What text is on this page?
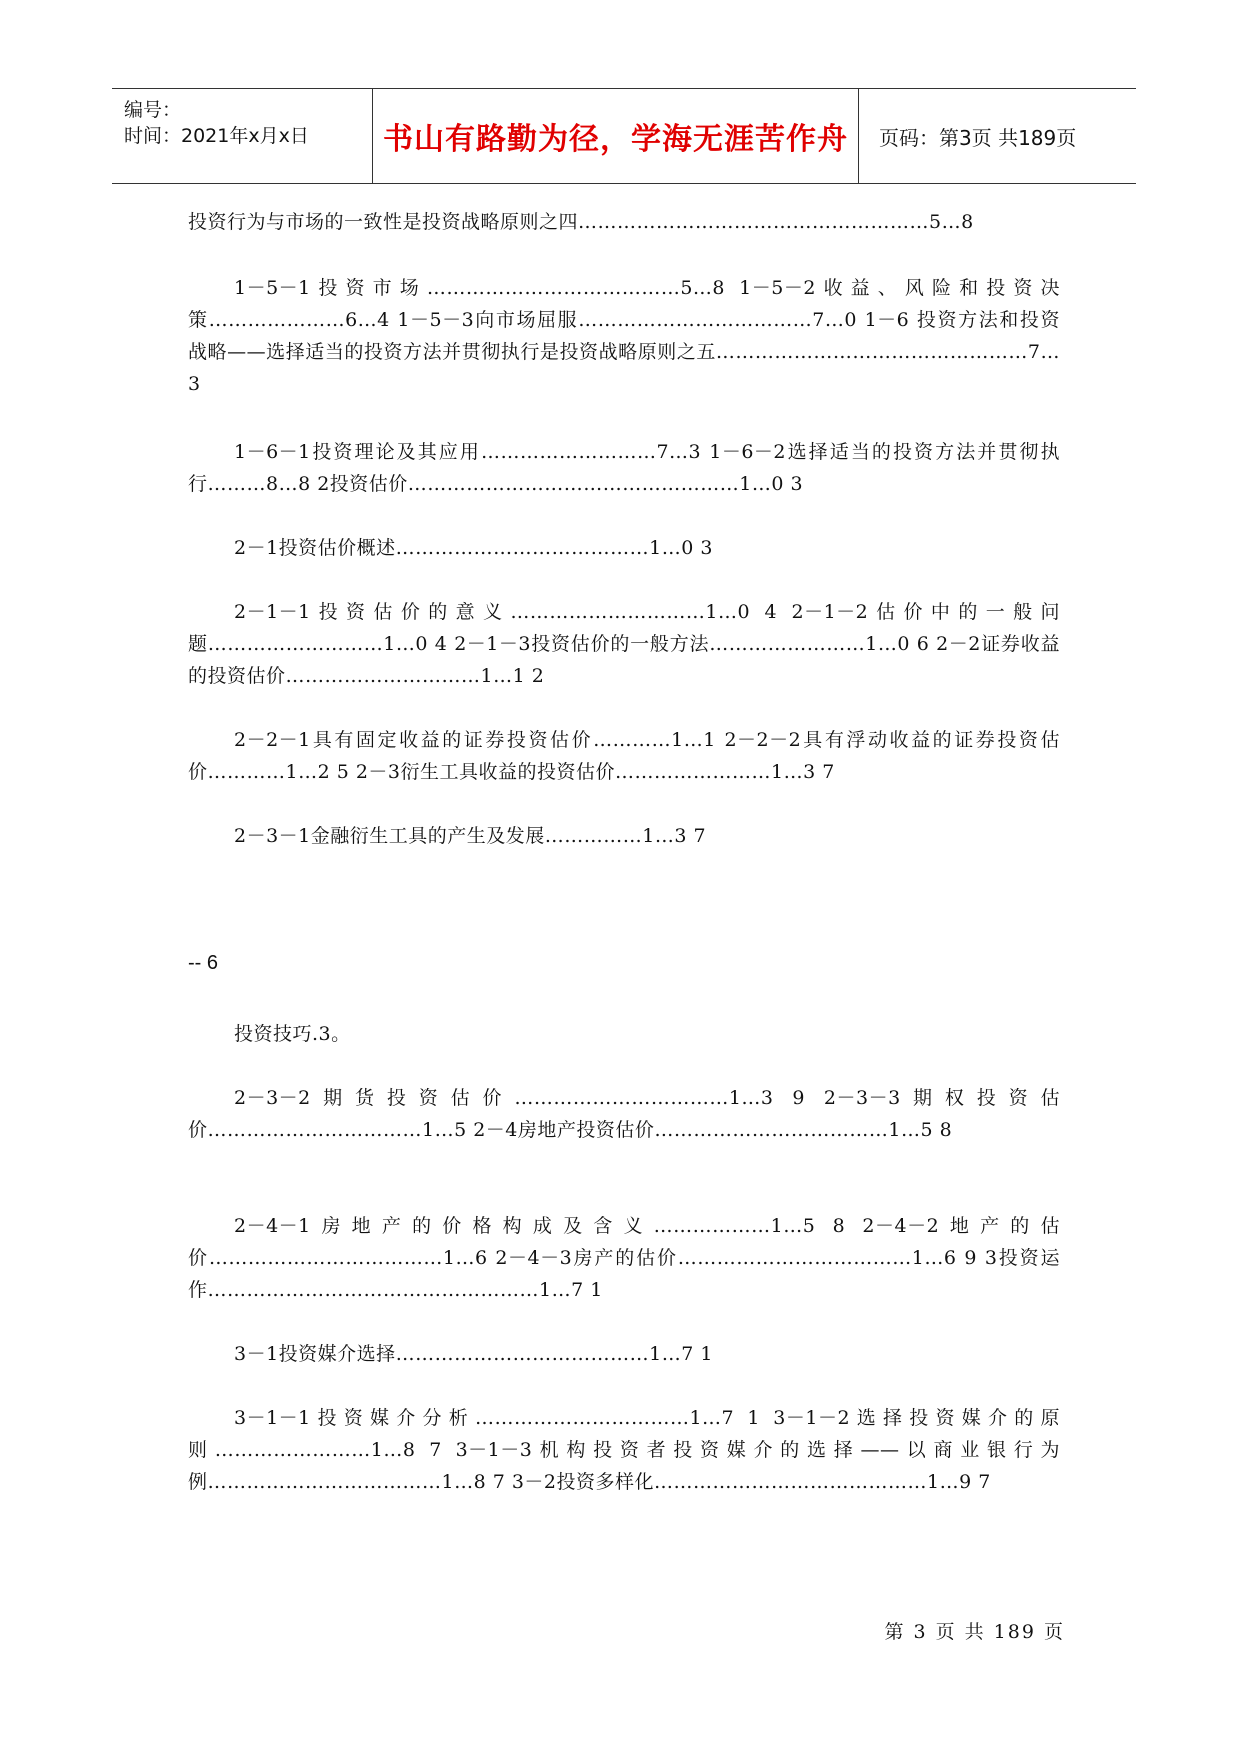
编号：
时间：2021年x月x日 书山有路勤为径，学海无涯苦作舟 页码：第3页 共189页

投资行为与市场的一致性是投资战略原则之四………………………………………………5…8

1－5－1投资市场…………………………………5…8 1－5－2收益、风险和投资决策…………………6…4 1－5－3向市场屈服………………………………7…0 1－6 投资方法和投资战略——选择适当的投资方法并贯彻执行是投资战略原则之五…………………………………………7…3

1－6－1投资理论及其应用………………………7…3 1－6－2选择适当的投资方法并贯彻执行………8…8 2投资估价……………………………………………1…0 3

2－1投资估价概述…………………………………1…0 3

2－1－1投资估价的意义…………………………1…0 4 2－1－2估价中的一般问题………………………1…0 4 2－1－3投资估价的一般方法……………………1…0 6 2－2证券收益的投资估价…………………………1…1 2

2－2－1具有固定收益的证券投资估价…………1…1 2－2－2具有浮动收益的证券投资估价…………1…2 5 2－3衍生工具收益的投资估价……………………1…3 7

2－3－1金融衍生工具的产生及发展……………1…3 7

投资技巧.3。

2－3－2期货投资估价……………………………1…3 9 2－3－3期权投资估价……………………………1…5 2－4房地产投资估价………………………………1…5 8

2－4－1房地产的价格构成及含义………………1…5 8 2－4－2地产的估价………………………………1…6 2－4－3房产的估价………………………………1…6 9 3投资运作……………………………………………1…7 1

3－1投资媒介选择…………………………………1…7 1

3－1－1投资媒介分析……………………………1…7 1 3－1－2选择投资媒介的原则……………………1…8 7 3－1－3机构投资者投资媒介的选择——以商业银行为例………………………………1…8 7 3－2投资多样化……………………………………1…9 7

-- 6
第 3 页 共 189 页
